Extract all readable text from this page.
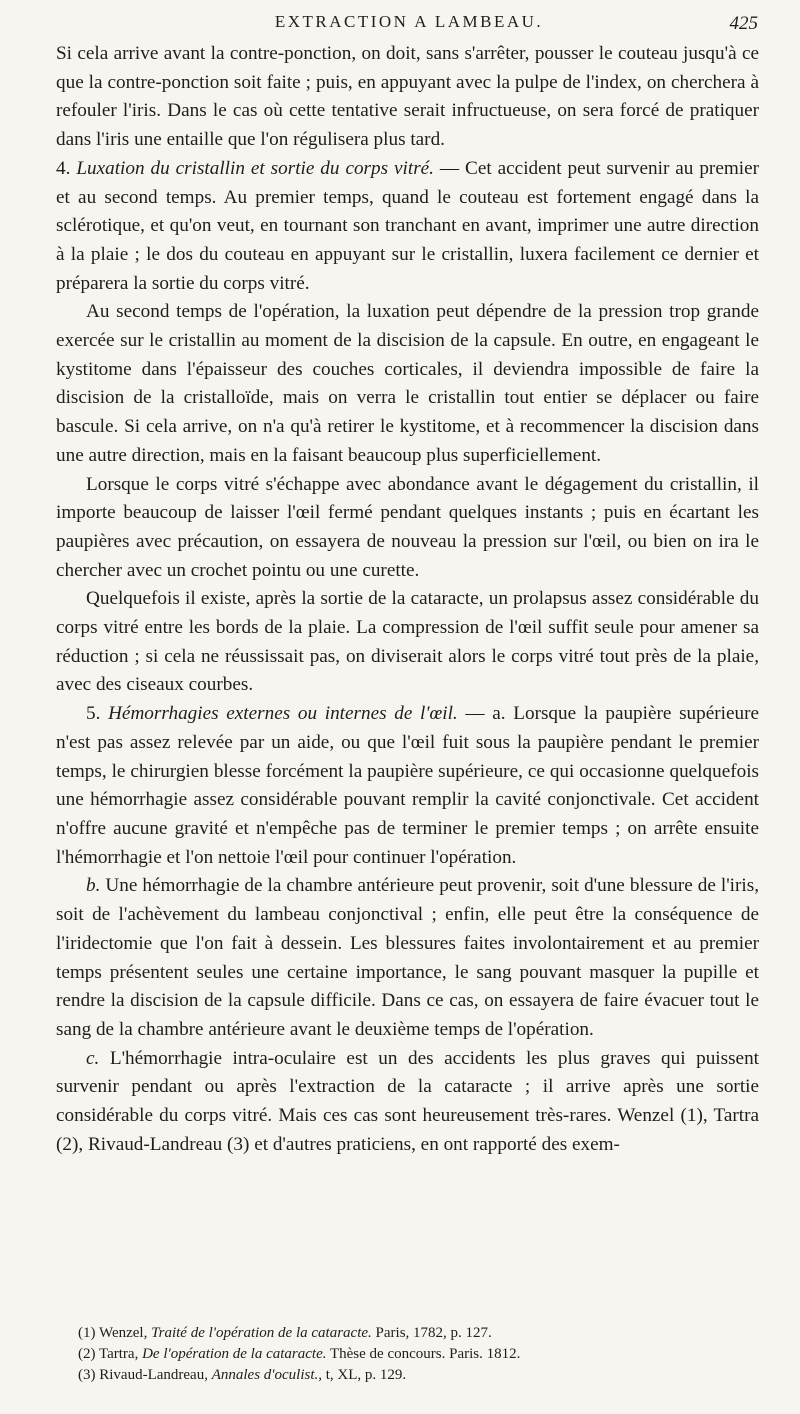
EXTRACTION A LAMBEAU.	425

Si cela arrive avant la contre-ponction, on doit, sans s'arrêter, pousser le couteau jusqu'à ce que la contre-ponction soit faite ; puis, en appuyant avec la pulpe de l'index, on cherchera à refouler l'iris. Dans le cas où cette tentative serait infructueuse, on sera forcé de pratiquer dans l'iris une entaille que l'on régulisera plus tard.

4. Luxation du cristallin et sortie du corps vitré. — Cet accident peut survenir au premier et au second temps. Au premier temps, quand le couteau est fortement engagé dans la sclérotique, et qu'on veut, en tournant son tranchant en avant, imprimer une autre direction à la plaie ; le dos du couteau en appuyant sur le cristallin, luxera facilement ce dernier et préparera la sortie du corps vitré.

Au second temps de l'opération, la luxation peut dépendre de la pression trop grande exercée sur le cristallin au moment de la discision de la capsule. En outre, en engageant le kystitome dans l'épaisseur des couches corticales, il deviendra impossible de faire la discision de la cristalloïde, mais on verra le cristallin tout entier se déplacer ou faire bascule. Si cela arrive, on n'a qu'à retirer le kystitome, et à recommencer la discision dans une autre direction, mais en la faisant beaucoup plus superficiellement.

Lorsque le corps vitré s'échappe avec abondance avant le dégagement du cristallin, il importe beaucoup de laisser l'œil fermé pendant quelques instants ; puis en écartant les paupières avec précaution, on essayera de nouveau la pression sur l'œil, ou bien on ira le chercher avec un crochet pointu ou une curette.

Quelquefois il existe, après la sortie de la cataracte, un prolapsus assez considérable du corps vitré entre les bords de la plaie. La compression de l'œil suffit seule pour amener sa réduction ; si cela ne réussissait pas, on diviserait alors le corps vitré tout près de la plaie, avec des ciseaux courbes.

5. Hémorrhagies externes ou internes de l'œil. — a. Lorsque la paupière supérieure n'est pas assez relevée par un aide, ou que l'œil fuit sous la paupière pendant le premier temps, le chirurgien blesse forcément la paupière supérieure, ce qui occasionne quelquefois une hémorrhagie assez considérable pouvant remplir la cavité conjonctivale. Cet accident n'offre aucune gravité et n'empêche pas de terminer le premier temps ; on arrête ensuite l'hémorrhagie et l'on nettoie l'œil pour continuer l'opération.

b. Une hémorrhagie de la chambre antérieure peut provenir, soit d'une blessure de l'iris, soit de l'achèvement du lambeau conjonctival ; enfin, elle peut être la conséquence de l'iridectomie que l'on fait à dessein. Les blessures faites involontairement et au premier temps présentent seules une certaine importance, le sang pouvant masquer la pupille et rendre la discision de la capsule difficile. Dans ce cas, on essayera de faire évacuer tout le sang de la chambre antérieure avant le deuxième temps de l'opération.

c. L'hémorrhagie intra-oculaire est un des accidents les plus graves qui puissent survenir pendant ou après l'extraction de la cataracte ; il arrive après une sortie considérable du corps vitré. Mais ces cas sont heureusement très-rares. Wenzel (1), Tartra (2), Rivaud-Landreau (3) et d'autres praticiens, en ont rapporté des exem-

(1) Wenzel, Traité de l'opération de la cataracte. Paris, 1782, p. 127.
(2) Tartra, De l'opération de la cataracte. Thèse de concours. Paris. 1812.
(3) Rivaud-Landreau, Annales d'oculist., t, XL, p. 129.
